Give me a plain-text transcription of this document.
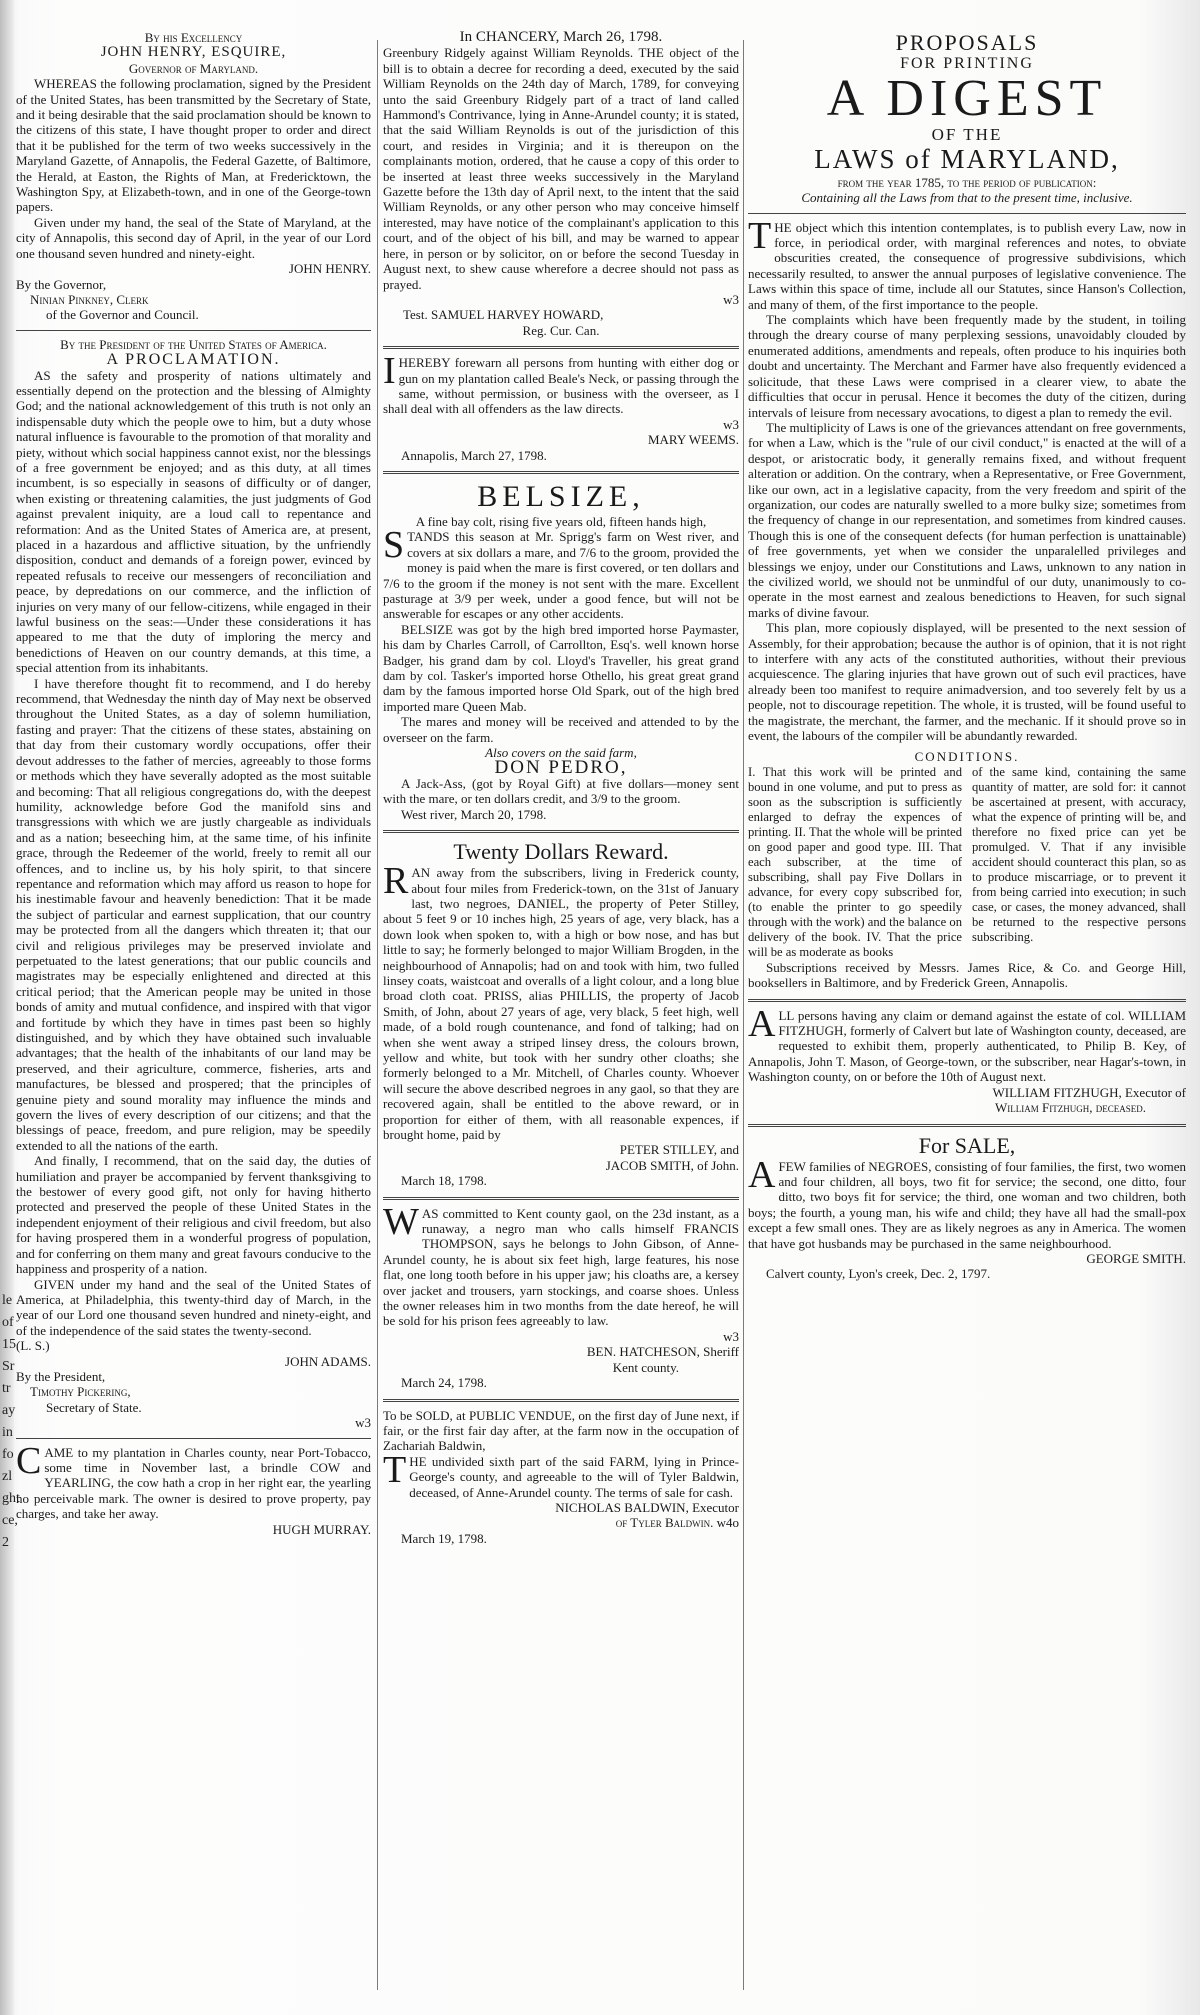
le of 15 Sr tr ay in fo zl ght ce, 2

By his Excellency

JOHN HENRY, ESQUIRE,

Governor of Maryland.

WHEREAS the following proclamation, signed by the President of the United States, has been transmitted by the Secretary of State, and it being desirable that the said proclamation should be known to the citizens of this state, I have thought proper to order and direct that it be published for the term of two weeks successively in the Maryland Gazette, of Annapolis, the Federal Gazette, of Baltimore, the Herald, at Easton, the Rights of Man, at Fredericktown, the Washington Spy, at Elizabeth-town, and in one of the George-town papers.

Given under my hand, the seal of the State of Maryland, at the city of Annapolis, this second day of April, in the year of our Lord one thousand seven hundred and ninety-eight.

JOHN HENRY.

By the Governor,

Ninian Pinkney, Clerk

of the Governor and Council.

By the President of the United States of America.

A PROCLAMATION.

AS the safety and prosperity of nations ultimately and essentially depend on the protection and the blessing of Almighty God; and the national acknowledgement of this truth is not only an indispensable duty which the people owe to him, but a duty whose natural influence is favourable to the promotion of that morality and piety, without which social happiness cannot exist, nor the blessings of a free government be enjoyed; and as this duty, at all times incumbent, is so especially in seasons of difficulty or of danger, when existing or threatening calamities, the just judgments of God against prevalent iniquity, are a loud call to repentance and reformation: And as the United States of America are, at present, placed in a hazardous and afflictive situation, by the unfriendly disposition, conduct and demands of a foreign power, evinced by repeated refusals to receive our messengers of reconciliation and peace, by depredations on our commerce, and the infliction of injuries on very many of our fellow-citizens, while engaged in their lawful business on the seas:—Under these considerations it has appeared to me that the duty of imploring the mercy and benedictions of Heaven on our country demands, at this time, a special attention from its inhabitants.

I have therefore thought fit to recommend, and I do hereby recommend, that Wednesday the ninth day of May next be observed throughout the United States, as a day of solemn humiliation, fasting and prayer: That the citizens of these states, abstaining on that day from their customary wordly occupations, offer their devout addresses to the father of mercies, agreeably to those forms or methods which they have severally adopted as the most suitable and becoming: That all religious congregations do, with the deepest humility, acknowledge before God the manifold sins and transgressions with which we are justly chargeable as individuals and as a nation; beseeching him, at the same time, of his infinite grace, through the Redeemer of the world, freely to remit all our offences, and to incline us, by his holy spirit, to that sincere repentance and reformation which may afford us reason to hope for his inestimable favour and heavenly benediction: That it be made the subject of particular and earnest supplication, that our country may be protected from all the dangers which threaten it; that our civil and religious privileges may be preserved inviolate and perpetuated to the latest generations; that our public councils and magistrates may be especially enlightened and directed at this critical period; that the American people may be united in those bonds of amity and mutual confidence, and inspired with that vigor and fortitude by which they have in times past been so highly distinguished, and by which they have obtained such invaluable advantages; that the health of the inhabitants of our land may be preserved, and their agriculture, commerce, fisheries, arts and manufactures, be blessed and prospered; that the principles of genuine piety and sound morality may influence the minds and govern the lives of every description of our citizens; and that the blessings of peace, freedom, and pure religion, may be speedily extended to all the nations of the earth.

And finally, I recommend, that on the said day, the duties of humiliation and prayer be accompanied by fervent thanksgiving to the bestower of every good gift, not only for having hitherto protected and preserved the people of these United States in the independent enjoyment of their religious and civil freedom, but also for having prospered them in a wonderful progress of population, and for conferring on them many and great favours conducive to the happiness and prosperity of a nation.

GIVEN under my hand and the seal of the United States of America, at Philadelphia, this twenty-third day of March, in the year of our Lord one thousand seven hundred and ninety-eight, and of the independence of the said states the twenty-second.

(L. S.)

JOHN ADAMS.

By the President,

Timothy Pickering,

Secretary of State.

w3

CAME to my plantation in Charles county, near Port-Tobacco, some time in November last, a brindle COW and YEARLING, the cow hath a crop in her right ear, the yearling no perceivable mark. The owner is desired to prove property, pay charges, and take her away.

HUGH MURRAY.

In CHANCERY, March 26, 1798.

Greenbury Ridgely against William Reynolds. THE object of the bill is to obtain a decree for recording a deed, executed by the said William Reynolds on the 24th day of March, 1789, for conveying unto the said Greenbury Ridgely part of a tract of land called Hammond's Contrivance, lying in Anne-Arundel county; it is stated, that the said William Reynolds is out of the jurisdiction of this court, and resides in Virginia; and it is thereupon on the complainants motion, ordered, that he cause a copy of this order to be inserted at least three weeks successively in the Maryland Gazette before the 13th day of April next, to the intent that the said William Reynolds, or any other person who may conceive himself interested, may have notice of the complainant's application to this court, and of the object of his bill, and may be warned to appear here, in person or by solicitor, on or before the second Tuesday in August next, to shew cause wherefore a decree should not pass as prayed.

w3

Test. SAMUEL HARVEY HOWARD,

Reg. Cur. Can.

IHEREBY forewarn all persons from hunting with either dog or gun on my plantation called Beale's Neck, or passing through the same, without permission, or business with the overseer, as I shall deal with all offenders as the law directs.

w3

MARY WEEMS.

Annapolis, March 27, 1798.

BELSIZE,

A fine bay colt, rising five years old, fifteen hands high,

STANDS this season at Mr. Sprigg's farm on West river, and covers at six dollars a mare, and 7/6 to the groom, provided the money is paid when the mare is first covered, or ten dollars and 7/6 to the groom if the money is not sent with the mare. Excellent pasturage at 3/9 per week, under a good fence, but will not be answerable for escapes or any other accidents.

BELSIZE was got by the high bred imported horse Paymaster, his dam by Charles Carroll, of Carrollton, Esq's. well known horse Badger, his grand dam by col. Lloyd's Traveller, his great grand dam by col. Tasker's imported horse Othello, his great great grand dam by the famous imported horse Old Spark, out of the high bred imported mare Queen Mab.

The mares and money will be received and attended to by the overseer on the farm.

Also covers on the said farm,

DON PEDRO,

A Jack-Ass, (got by Royal Gift) at five dollars—money sent with the mare, or ten dollars credit, and 3/9 to the groom.

West river, March 20, 1798.

Twenty Dollars Reward.

RAN away from the subscribers, living in Frederick county, about four miles from Frederick-town, on the 31st of January last, two negroes, DANIEL, the property of Peter Stilley, about 5 feet 9 or 10 inches high, 25 years of age, very black, has a down look when spoken to, with a high or bow nose, and has but little to say; he formerly belonged to major William Brogden, in the neighbourhood of Annapolis; had on and took with him, two fulled linsey coats, waistcoat and overalls of a light colour, and a long blue broad cloth coat. PRISS, alias PHILLIS, the property of Jacob Smith, of John, about 27 years of age, very black, 5 feet high, well made, of a bold rough countenance, and fond of talking; had on when she went away a striped linsey dress, the colours brown, yellow and white, but took with her sundry other cloaths; she formerly belonged to a Mr. Mitchell, of Charles county. Whoever will secure the above described negroes in any gaol, so that they are recovered again, shall be entitled to the above reward, or in proportion for either of them, with all reasonable expences, if brought home, paid by

PETER STILLEY, and

JACOB SMITH, of John.

March 18, 1798.

WAS committed to Kent county gaol, on the 23d instant, as a runaway, a negro man who calls himself FRANCIS THOMPSON, says he belongs to John Gibson, of Anne-Arundel county, he is about six feet high, large features, his nose flat, one long tooth before in his upper jaw; his cloaths are, a kersey over jacket and trousers, yarn stockings, and coarse shoes. Unless the owner releases him in two months from the date hereof, he will be sold for his prison fees agreeably to law.

w3

BEN. HATCHESON, Sheriff

Kent county.

March 24, 1798.

To be SOLD, at PUBLIC VENDUE, on the first day of June next, if fair, or the first fair day after, at the farm now in the occupation of Zachariah Baldwin,

THE undivided sixth part of the said FARM, lying in Prince-George's county, and agreeable to the will of Tyler Baldwin, deceased, of Anne-Arundel county. The terms of sale for cash.

NICHOLAS BALDWIN, Executor

of Tyler Baldwin. w4o

March 19, 1798.

PROPOSALS

FOR PRINTING

A DIGEST

OF THE

LAWS of MARYLAND,

from the year 1785, to the period of publication:

Containing all the Laws from that to the present time, inclusive.

THE object which this intention contemplates, is to publish every Law, now in force, in periodical order, with marginal references and notes, to obviate obscurities created, the consequence of progressive subdivisions, which necessarily resulted, to answer the annual purposes of legislative convenience. The Laws within this space of time, include all our Statutes, since Hanson's Collection, and many of them, of the first importance to the people.

The complaints which have been frequently made by the student, in toiling through the dreary course of many perplexing sessions, unavoidably clouded by enumerated additions, amendments and repeals, often produce to his inquiries both doubt and uncertainty. The Merchant and Farmer have also frequently evidenced a solicitude, that these Laws were comprised in a clearer view, to abate the difficulties that occur in perusal. Hence it becomes the duty of the citizen, during intervals of leisure from necessary avocations, to digest a plan to remedy the evil.

The multiplicity of Laws is one of the grievances attendant on free governments, for when a Law, which is the "rule of our civil conduct," is enacted at the will of a despot, or aristocratic body, it generally remains fixed, and without frequent alteration or addition. On the contrary, when a Representative, or Free Government, like our own, act in a legislative capacity, from the very freedom and spirit of the organization, our codes are naturally swelled to a more bulky size; sometimes from the frequency of change in our representation, and sometimes from kindred causes. Though this is one of the consequent defects (for human perfection is unattainable) of free governments, yet when we consider the unparalelled privileges and blessings we enjoy, under our Constitutions and Laws, unknown to any nation in the civilized world, we should not be unmindful of our duty, unanimously to co-operate in the most earnest and zealous benedictions to Heaven, for such signal marks of divine favour.

This plan, more copiously displayed, will be presented to the next session of Assembly, for their approbation; because the author is of opinion, that it is not right to interfere with any acts of the constituted authorities, without their previous acquiescence. The glaring injuries that have grown out of such evil practices, have already been too manifest to require animadversion, and too severely felt by us a people, not to discourage repetition. The whole, it is trusted, will be found useful to the magistrate, the merchant, the farmer, and the mechanic. If it should prove so in event, the labours of the compiler will be abundantly rewarded.

CONDITIONS.

I. That this work will be printed and bound in one volume, and put to press as soon as the subscription is sufficiently enlarged to defray the expences of printing. II. That the whole will be printed on good paper and good type. III. That each subscriber, at the time of subscribing, shall pay Five Dollars in advance, for every copy subscribed for, (to enable the printer to go speedily through with the work) and the balance on delivery of the book. IV. That the price will be as moderate as books

of the same kind, containing the same quantity of matter, are sold for: it cannot be ascertained at present, with accuracy, what the expence of printing will be, and therefore no fixed price can yet be promulged. V. That if any invisible accident should counteract this plan, so as to produce miscarriage, or to prevent it from being carried into execution; in such case, or cases, the money advanced, shall be returned to the respective persons subscribing.

Subscriptions received by Messrs. James Rice, & Co. and George Hill, booksellers in Baltimore, and by Frederick Green, Annapolis.

ALL persons having any claim or demand against the estate of col. WILLIAM FITZHUGH, formerly of Calvert but late of Washington county, deceased, are requested to exhibit them, properly authenticated, to Philip B. Key, of Annapolis, John T. Mason, of George-town, or the subscriber, near Hagar's-town, in Washington county, on or before the 10th of August next.

WILLIAM FITZHUGH, Executor of

William Fitzhugh, deceased.

For SALE,

AFEW families of NEGROES, consisting of four families, the first, two women and four children, all boys, two fit for service; the second, one ditto, four ditto, two boys fit for service; the third, one woman and two children, both boys; the fourth, a young man, his wife and child; they have all had the small-pox except a few small ones. They are as likely negroes as any in America. The women that have got husbands may be purchased in the same neighbourhood.

GEORGE SMITH.

Calvert county, Lyon's creek, Dec. 2, 1797.
